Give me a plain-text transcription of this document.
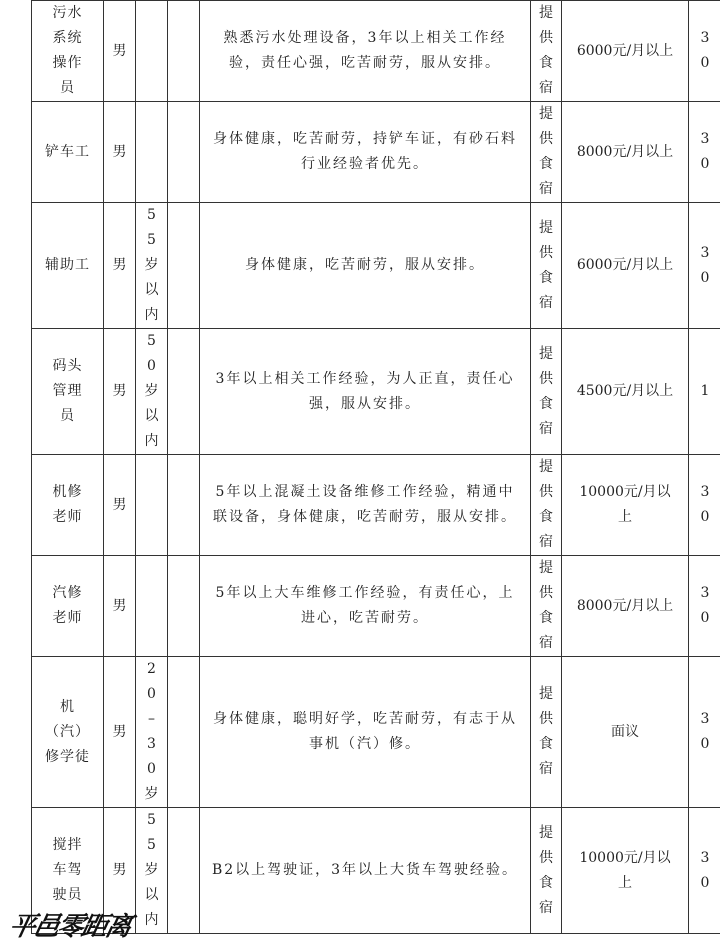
污水系统操作员	男			熟悉污水处理设备，3年以上相关工作经验，责任心强，吃苦耐劳，服从安排。	提供食宿	6000元/月以上	30

铲车工	男			身体健康，吃苦耐劳，持铲车证，有砂石料行业经验者优先。	提供食宿	8000元/月以上	30

辅助工	男	55岁以内		身体健康，吃苦耐劳，服从安排。	提供食宿	6000元/月以上	30

码头管理员	男	50岁以内		3年以上相关工作经验，为人正直，责任心强，服从安排。	提供食宿	4500元/月以上	1

机修老师	男			5年以上混凝土设备维修工作经验，精通中联设备，身体健康，吃苦耐劳，服从安排。	提供食宿	10000元/月以上	30

汽修老师	男			5年以上大车维修工作经验，有责任心，上进心，吃苦耐劳。	提供食宿	8000元/月以上	30

机（汽）修学徒	男	20–30岁		身体健康，聪明好学，吃苦耐劳，有志于从事机（汽）修。	提供食宿	面议	30

搅拌车驾驶员	男	55岁以内		B2以上驾驶证，3年以上大货车驾驶经验。	提供食宿	10000元/月以上	30
平邑零距离
